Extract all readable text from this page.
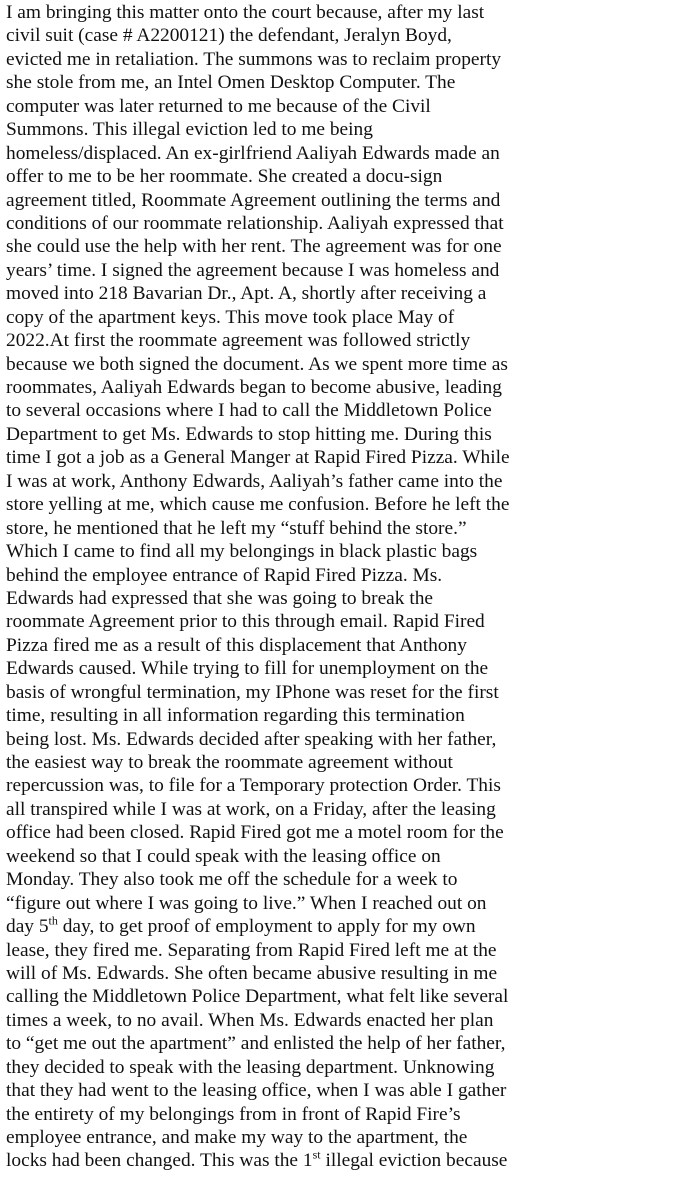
I am bringing this matter onto the court because, after my last
civil suit (case # A2200121) the defendant, Jeralyn Boyd,
evicted me in retaliation. The summons was to reclaim property
she stole from me, an Intel Omen Desktop Computer. The
computer was later returned to me because of the Civil
Summons. This illegal eviction led to me being
homeless/displaced. An ex-girlfriend Aaliyah Edwards made an
offer to me to be her roommate. She created a docu-sign
agreement titled, Roommate Agreement outlining the terms and
conditions of our roommate relationship. Aaliyah expressed that
she could use the help with her rent. The agreement was for one
years’ time. I signed the agreement because I was homeless and
moved into 218 Bavarian Dr., Apt. A, shortly after receiving a
copy of the apartment keys. This move took place May of
2022.At first the roommate agreement was followed strictly
because we both signed the document. As we spent more time as
roommates, Aaliyah Edwards began to become abusive, leading
to several occasions where I had to call the Middletown Police
Department to get Ms. Edwards to stop hitting me. During this
time I got a job as a General Manger at Rapid Fired Pizza. While
I was at work, Anthony Edwards, Aaliyah’s father came into the
store yelling at me, which cause me confusion. Before he left the
store, he mentioned that he left my “stuff behind the store.”
Which I came to find all my belongings in black plastic bags
behind the employee entrance of Rapid Fired Pizza. Ms.
Edwards had expressed that she was going to break the
roommate Agreement prior to this through email. Rapid Fired
Pizza fired me as a result of this displacement that Anthony
Edwards caused. While trying to fill for unemployment on the
basis of wrongful termination, my IPhone was reset for the first
time, resulting in all information regarding this termination
being lost. Ms. Edwards decided after speaking with her father,
the easiest way to break the roommate agreement without
repercussion was, to file for a Temporary protection Order. This
all transpired while I was at work, on a Friday, after the leasing
office had been closed. Rapid Fired got me a motel room for the
weekend so that I could speak with the leasing office on
Monday. They also took me off the schedule for a week to
“figure out where I was going to live.” When I reached out on
day 5th day, to get proof of employment to apply for my own
lease, they fired me. Separating from Rapid Fired left me at the
will of Ms. Edwards. She often became abusive resulting in me
calling the Middletown Police Department, what felt like several
times a week, to no avail. When Ms. Edwards enacted her plan
to “get me out the apartment” and enlisted the help of her father,
they decided to speak with the leasing department. Unknowing
that they had went to the leasing office, when I was able I gather
the entirety of my belongings from in front of Rapid Fire’s
employee entrance, and make my way to the apartment, the
locks had been changed. This was the 1st illegal eviction because
